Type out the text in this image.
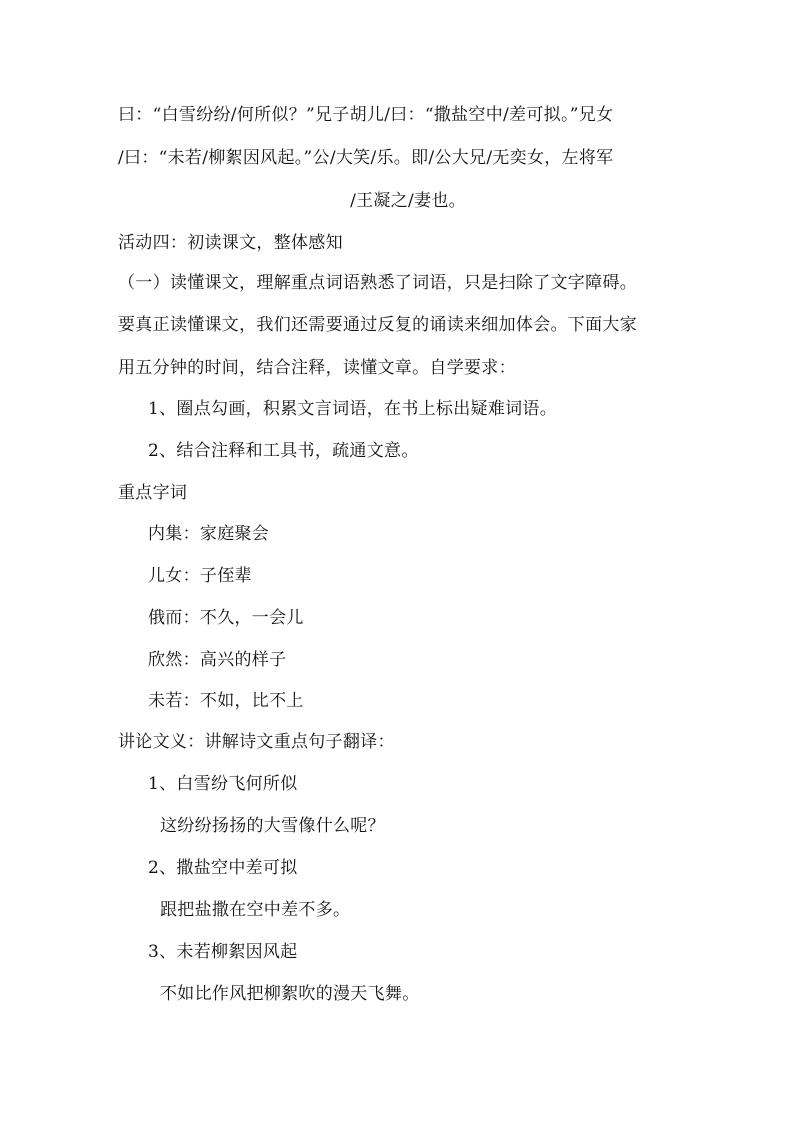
曰：“白雪纷纷/何所似？”兄子胡儿/曰：“撒盐空中/差可拟。”兄女
/曰：“未若/柳絮因风起。”公/大笑/乐。即/公大兄/无奕女，左将军
/王凝之/妻也。
活动四：初读课文，整体感知
（一）读懂课文，理解重点词语熟悉了词语，只是扫除了文字障碍。
要真正读懂课文，我们还需要通过反复的诵读来细加体会。下面大家
用五分钟的时间，结合注释，读懂文章。自学要求：
1、圈点勾画，积累文言词语，在书上标出疑难词语。
2、结合注释和工具书，疏通文意。
重点字词
内集：家庭聚会
儿女：子侄辈
俄而：不久，一会儿
欣然：高兴的样子
未若：不如，比不上
讲论文义：讲解诗文重点句子翻译：
1、白雪纷飞何所似
这纷纷扬扬的大雪像什么呢？
2、撒盐空中差可拟
跟把盐撒在空中差不多。
3、未若柳絮因风起
不如比作风把柳絮吹的漫天飞舞。
